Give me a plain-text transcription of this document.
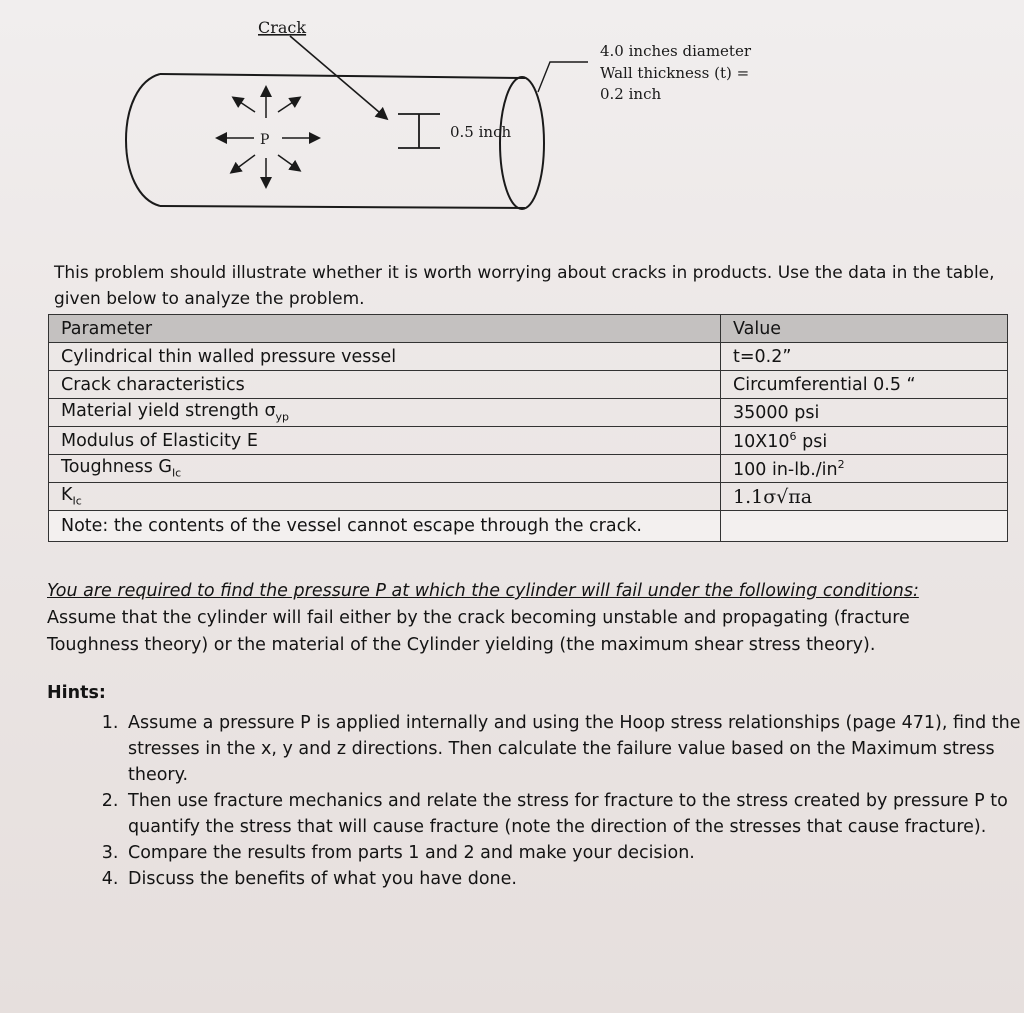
Crack
4.0 inches diameter
Wall thickness (t) =
0.2 inch
0.5 inch
P
This problem should illustrate whether it is worth worrying about cracks in products. Use the data in the table, given below to analyze the problem.
Parameter	Value
Cylindrical thin walled pressure vessel	t=0.2”
Crack characteristics	Circumferential 0.5 “
Material yield strength $\sigma_{yp}$	35000 psi
Modulus of Elasticity E	$10X10^6$ psi
Toughness $G_{Ic}$	100 $in-lb./in^2$
$K_{Ic}$	1.1σ√πa
Note: the contents of the vessel cannot escape through the crack.	
You are required to find the pressure P at which the cylinder will fail under the following conditions:
Assume that the cylinder will fail either by the crack becoming unstable and propagating (fracture Toughness theory) or the material of the Cylinder yielding (the maximum shear stress theory).
Hints:
1. Assume a pressure P is applied internally and using the Hoop stress relationships (page 471), find the stresses in the x, y and z directions. Then calculate the failure value based on the Maximum stress theory.
2. Then use fracture mechanics and relate the stress for fracture to the stress created by pressure P to quantify the stress that will cause fracture (note the direction of the stresses that cause fracture).
3. Compare the results from parts 1 and 2 and make your decision.
4. Discuss the benefits of what you have done.
